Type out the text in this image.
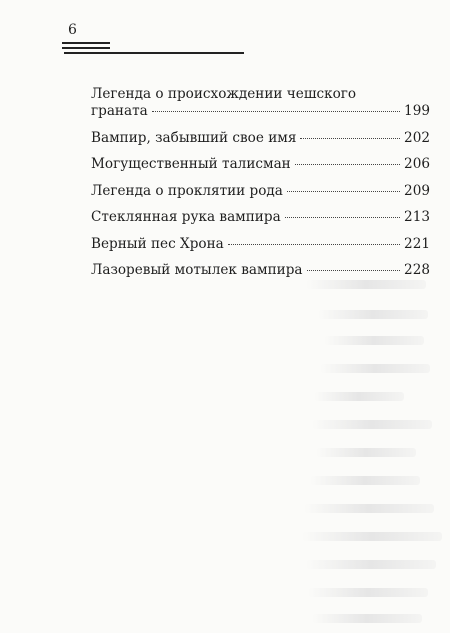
6
Легенда о происхождении чешского
граната	199
Вампир, забывший свое имя	202
Могущественный талисман	206
Легенда о проклятии рода	209
Стеклянная рука вампира	213
Верный пес Хрона	221
Лазоревый мотылек вампира	228
